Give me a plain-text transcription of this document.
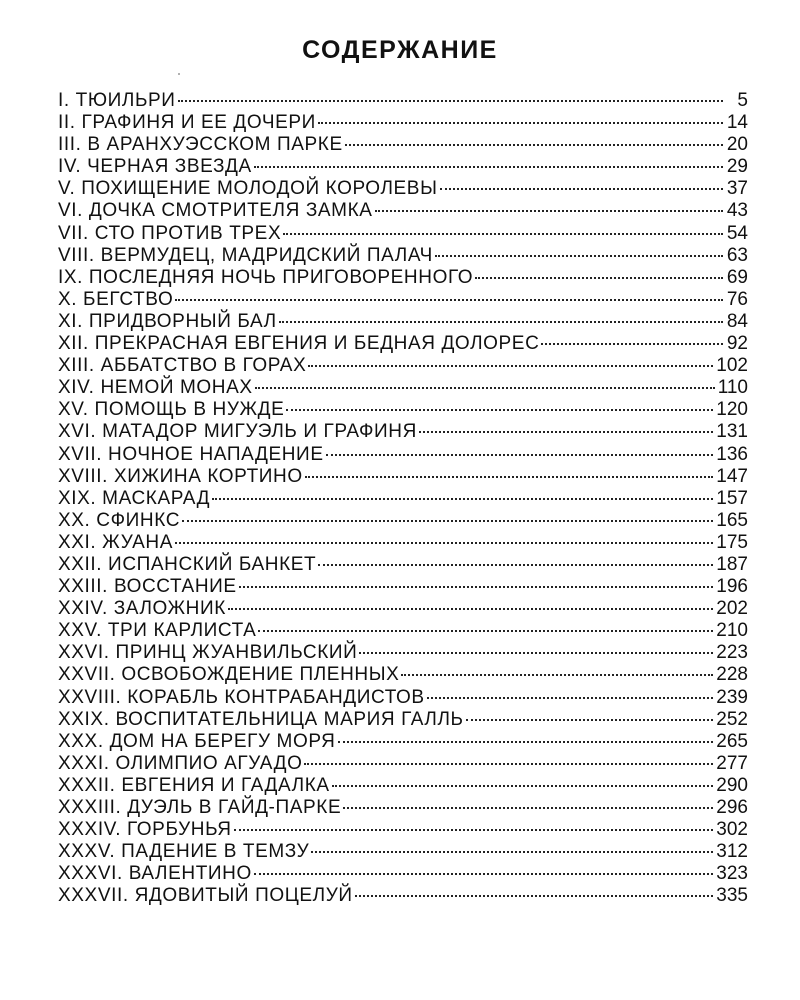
СОДЕРЖАНИЕ
I. ТЮИЛЬРИ	5
II. ГРАФИНЯ И ЕЕ ДОЧЕРИ	14
III. В АРАНХУЭССКОМ ПАРКЕ	20
IV. ЧЕРНАЯ ЗВЕЗДА	29
V. ПОХИЩЕНИЕ МОЛОДОЙ КОРОЛЕВЫ	37
VI. ДОЧКА СМОТРИТЕЛЯ ЗАМКА	43
VII. СТО ПРОТИВ ТРЕХ	54
VIII. ВЕРМУДЕЦ, МАДРИДСКИЙ ПАЛАЧ	63
IX. ПОСЛЕДНЯЯ НОЧЬ ПРИГОВОРЕННОГО	69
X. БЕГСТВО	76
XI. ПРИДВОРНЫЙ БАЛ	84
XII. ПРЕКРАСНАЯ ЕВГЕНИЯ И БЕДНАЯ ДОЛОРЕС	92
XIII. АББАТСТВО В ГОРАХ	102
XIV. НЕМОЙ МОНАХ	110
XV. ПОМОЩЬ В НУЖДЕ	120
XVI. МАТАДОР МИГУЭЛЬ И ГРАФИНЯ	131
XVII. НОЧНОЕ НАПАДЕНИЕ	136
XVIII. ХИЖИНА КОРТИНО	147
XIX. МАСКАРАД	157
XX. СФИНКС	165
XXI. ЖУАНА	175
XXII. ИСПАНСКИЙ БАНКЕТ	187
XXIII. ВОССТАНИЕ	196
XXIV. ЗАЛОЖНИК	202
XXV. ТРИ КАРЛИСТА	210
XXVI. ПРИНЦ ЖУАНВИЛЬСКИЙ	223
XXVII. ОСВОБОЖДЕНИЕ ПЛЕННЫХ	228
XXVIII. КОРАБЛЬ КОНТРАБАНДИСТОВ	239
XXIX. ВОСПИТАТЕЛЬНИЦА МАРИЯ ГАЛЛЬ	252
XXX. ДОМ НА БЕРЕГУ МОРЯ	265
XXXI. ОЛИМПИО АГУАДО	277
XXXII. ЕВГЕНИЯ И ГАДАЛКА	290
XXXIII. ДУЭЛЬ В ГАЙД-ПАРКЕ	296
XXXIV. ГОРБУНЬЯ	302
XXXV. ПАДЕНИЕ В ТЕМЗУ	312
XXXVI. ВАЛЕНТИНО	323
XXXVII. ЯДОВИТЫЙ ПОЦЕЛУЙ	335
